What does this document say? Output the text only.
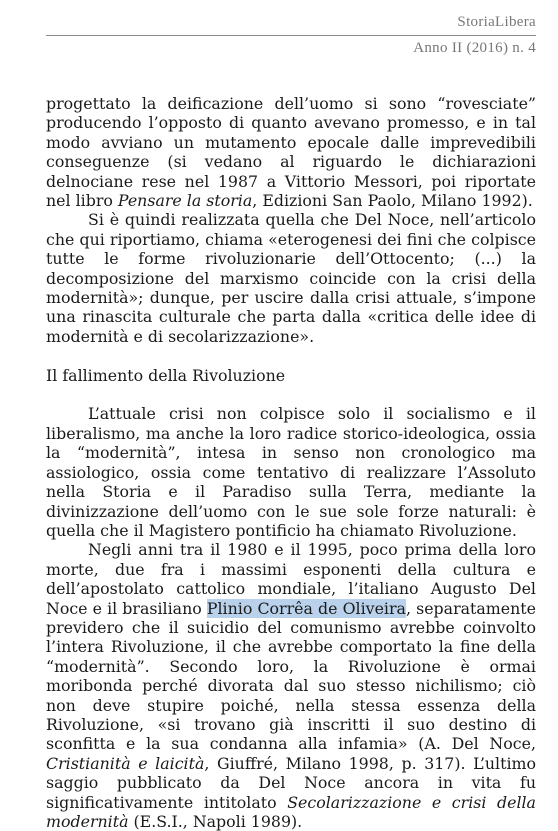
StoriaLibera
Anno II (2016) n. 4

progettato la deificazione dell’uomo si sono “rovesciate” producendo l’opposto di quanto avevano promesso, e in tal modo avviano un mutamento epocale dalle imprevedibili conseguenze (si vedano al riguardo le dichiarazioni delnociane rese nel 1987 a Vittorio Messori, poi riportate nel libro Pensare la storia, Edizioni San Paolo, Milano 1992).

Si è quindi realizzata quella che Del Noce, nell’articolo che qui riportiamo, chiama «eterogenesi dei fini che colpisce tutte le forme rivoluzionarie dell’Ottocento; (...) la decomposizione del marxismo coincide con la crisi della modernità»; dunque, per uscire dalla crisi attuale, s’impone una rinascita culturale che parta dalla «critica delle idee di modernità e di secolarizzazione».

Il fallimento della Rivoluzione

L’attuale crisi non colpisce solo il socialismo e il liberalismo, ma anche la loro radice storico-ideologica, ossia la “modernità”, intesa in senso non cronologico ma assiologico, ossia come tentativo di realizzare l’Assoluto nella Storia e il Paradiso sulla Terra, mediante la divinizzazione dell’uomo con le sue sole forze naturali: è quella che il Magistero pontificio ha chiamato Rivoluzione.

Negli anni tra il 1980 e il 1995, poco prima della loro morte, due fra i massimi esponenti della cultura e dell’apostolato cattolico mondiale, l’italiano Augusto Del Noce e il brasiliano Plinio Corrêa de Oliveira, separatamente previdero che il suicidio del comunismo avrebbe coinvolto l’intera Rivoluzione, il che avrebbe comportato la fine della “modernità”. Secondo loro, la Rivoluzione è ormai moribonda perché divorata dal suo stesso nichilismo; ciò non deve stupire poiché, nella stessa essenza della Rivoluzione, «si trovano già inscritti il suo destino di sconfitta e la sua condanna alla infamia» (A. Del Noce, Cristianità e laicità, Giuffré, Milano 1998, p. 317). L’ultimo saggio pubblicato da Del Noce ancora in vita fu significativamente intitolato Secolarizzazione e crisi della modernità (E.S.I., Napoli 1989).
